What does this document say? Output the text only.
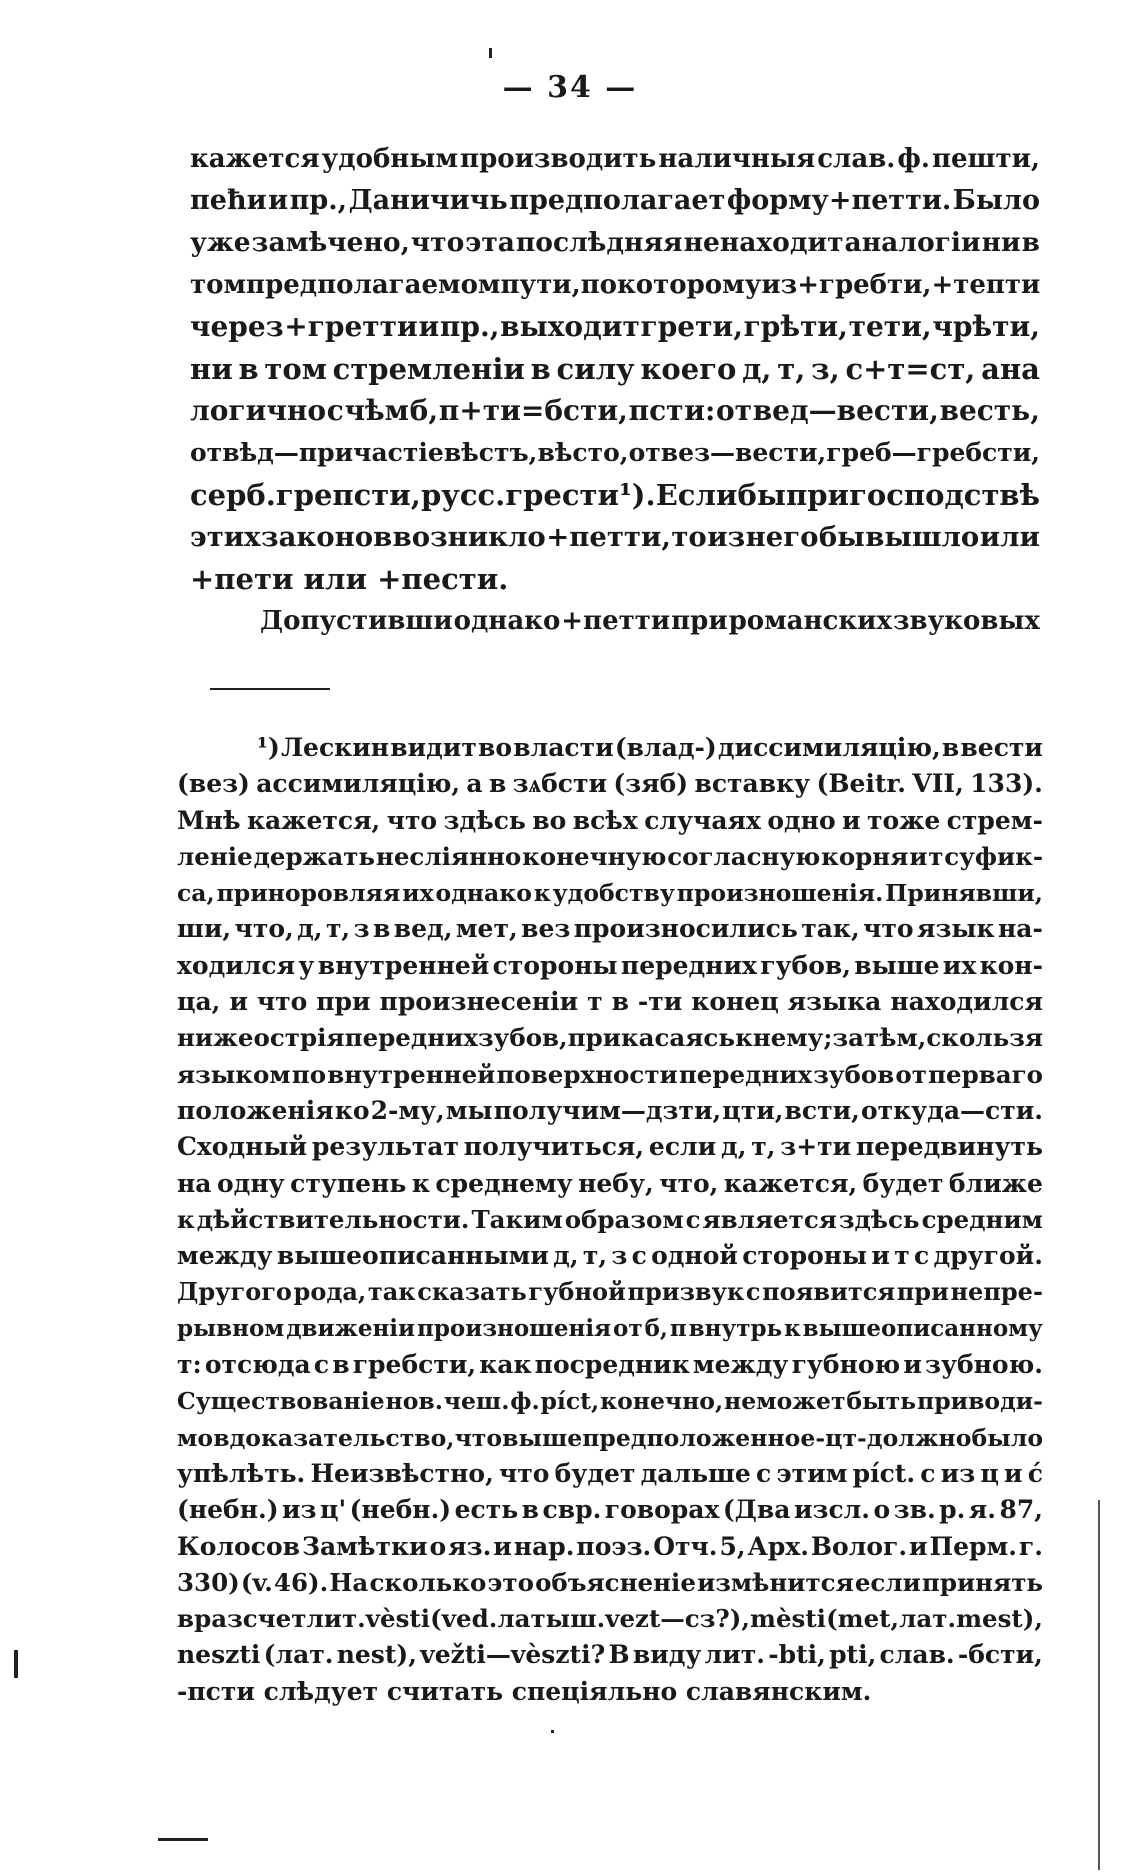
— 34 —
кажется удобным производить наличныя слав. ф. пешти,
пеħи и пр., Даничичь предполагает форму+петти. Было
уже замѣчено, что эта послѣдняя ненаходит аналогіи ни в
том предполагаемом пути, по которому из +гребти, +тепти
через +гретти и пр., выходит грети, грѣти, тети, чрѣти,
ни в том стремленіи в силу коего д, т, з, с+т=ст, ана
логично с чѣм б, п+ти=бсти, пст и: от вед—вести, весть,
от вѣд—причастіе вѣстъ, вѣсто, от вез—вести,греб—гребсти,
серб. грепсти, русс. грести ¹). Если бы при господствѣ
этих законов возникло +петти, то из него бы вышло или
+пети или +пести.
Допустивши однако +петти при романских звуковых
¹) Лескин видит во власти (влад-) диссимиляцію, в вести
(вез) ассимиляцію, а в зѧбсти (зяб) вставку (Beitr. VII, 133).
Мнѣ кажется, что здѣсь во всѣх случаях одно и тоже стрем-
леніе держать несліянно конечную согласную корня и т суфик-
са, приноровляя их однако к удобству произношенія. Принявши,
ши, что, д, т, з в вед, мет, вез произносились так, что язык на-
ходился у внутренней стороны передних губов, выше их кон-
ца, и что при произнесеніи т в -ти конец языка находился
ниже острія передних зубов, прикасаясь к нему; затѣм, скользя
языком по внутренней поверхности передних зубов от перваго
положенія ко 2-му, мы получим—дзти, цти, всти, откуда—сти.
Сходный результат получиться, если д, т, з+ти передвинуть
на одну ступень к среднему небу, что, кажется, будет ближе
к дѣйствительности. Таким образом с является здѣсь средним
между вышеописанными д, т, з с одной стороны и т с другой.
Другого рода, так сказать губной призвук с появится при непре-
рывном движеніи произношенія от б, п внутрь к вышеописанному
т: отсюда с в гребсти, как посредник между губною и зубною.
Существованіе нов. чеш. ф. píct, конечно, неможет быть приводи-
мо в доказательство, что вышепредположенное -цт- должно было
упѣлѣть. Неизвѣстно, что будет дальше с этим píct. с из ц и ć
(небн.) из ц' (небн.) есть в свр. говорах (Два изсл. о зв. р. я. 87,
Колосов Замѣтки о яз. и нар. поэз. Отч. 5, Арх. Волог. и Перм. г.
330) (v. 46). На сколько это объясненіе измѣнится если принять
в разсчет лит. vèsti (ved. латыш. vezt—с з?), mèsti (met, лат. mest),
neszti (лат. nest), vežti—vèszti? В виду лит. -bti, pti, слав. -бсти,
-псти слѣдует считать спеціяльно славянским.
